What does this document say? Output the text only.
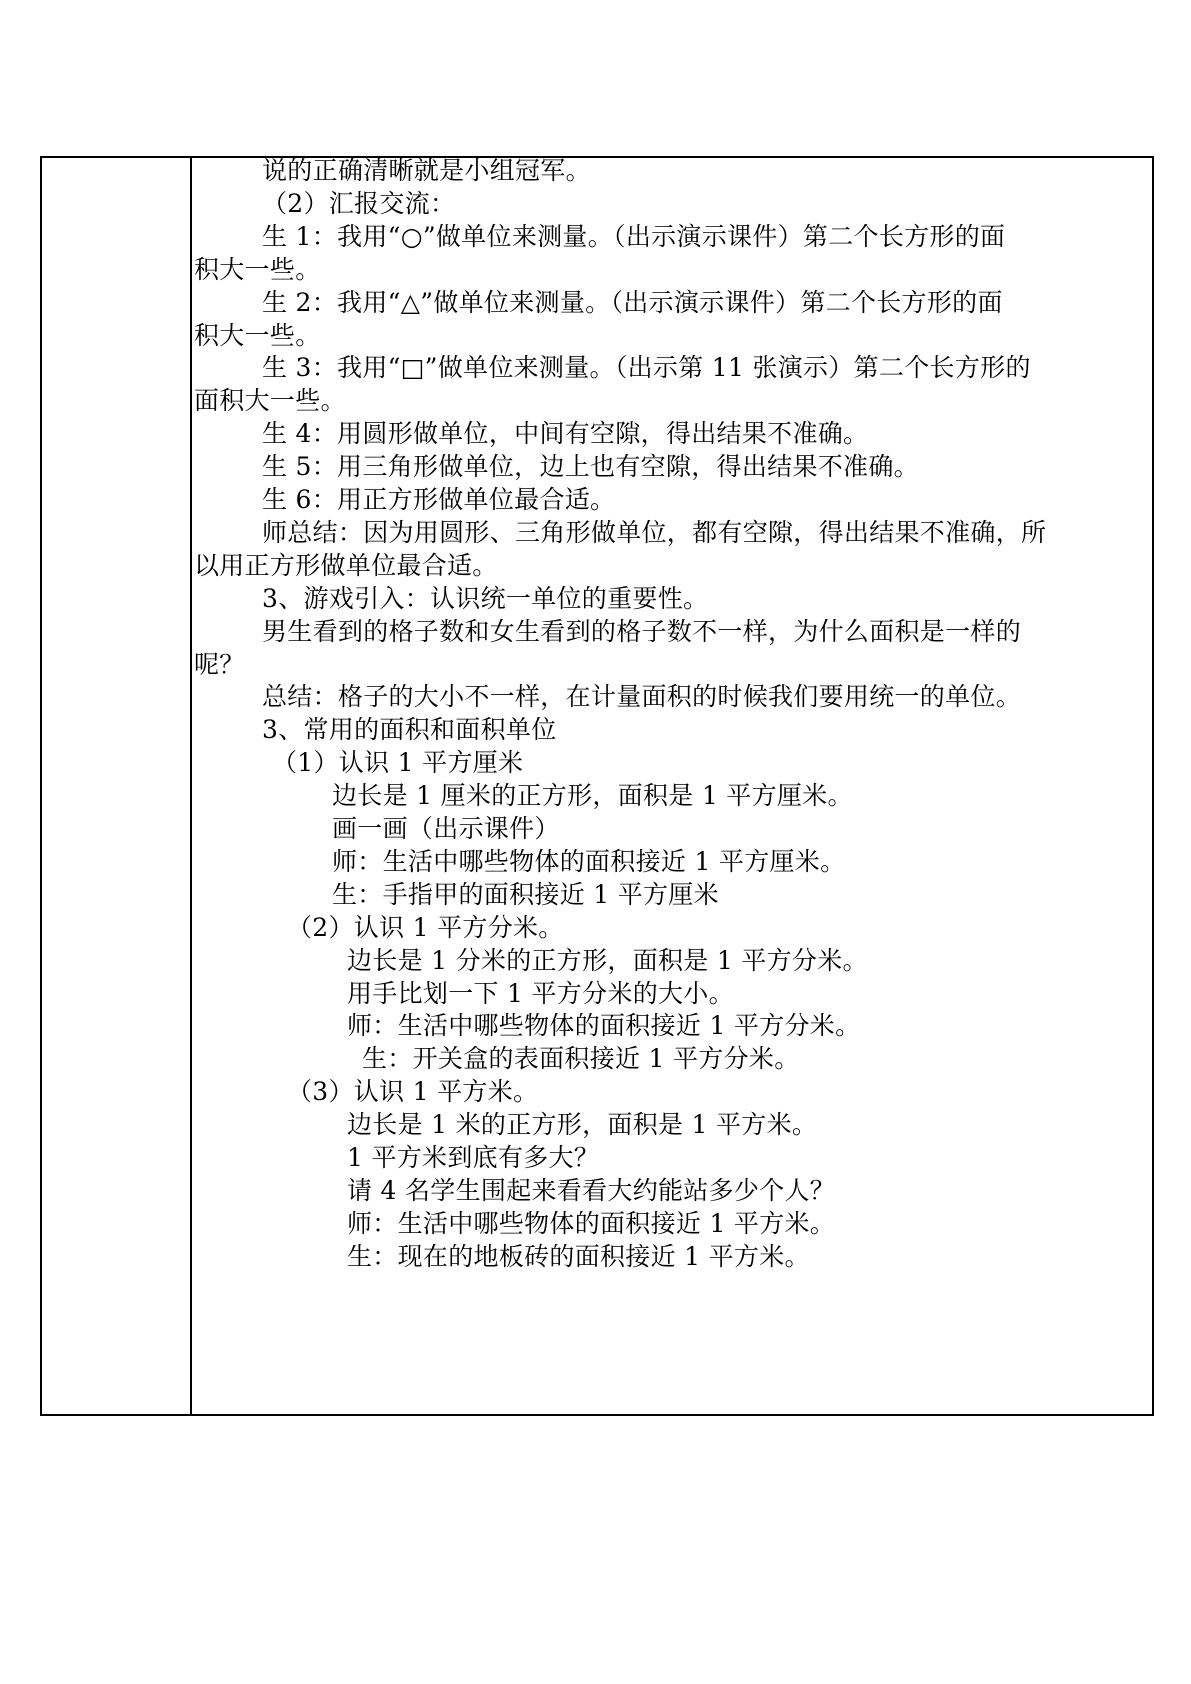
说的正确清晰就是小组冠军。
（2）汇报交流：
生 1：我用“○”做单位来测量。（出示演示课件）第二个长方形的面
积大一些。
生 2：我用“△”做单位来测量。（出示演示课件）第二个长方形的面
积大一些。
生 3：我用“□”做单位来测量。（出示第 11 张演示）第二个长方形的
面积大一些。
生 4：用圆形做单位，中间有空隙，得出结果不准确。
生 5：用三角形做单位，边上也有空隙，得出结果不准确。
生 6：用正方形做单位最合适。
师总结：因为用圆形、三角形做单位，都有空隙，得出结果不准确，所
以用正方形做单位最合适。
3、游戏引入：认识统一单位的重要性。
男生看到的格子数和女生看到的格子数不一样，为什么面积是一样的
呢？
总结：格子的大小不一样，在计量面积的时候我们要用统一的单位。
3、常用的面积和面积单位
（1）认识 1 平方厘米
边长是 1 厘米的正方形，面积是 1 平方厘米。
画一画（出示课件）
师：生活中哪些物体的面积接近 1 平方厘米。
生：手指甲的面积接近 1 平方厘米
（2）认识 1 平方分米。
边长是 1 分米的正方形，面积是 1 平方分米。
用手比划一下 1 平方分米的大小。
师：生活中哪些物体的面积接近 1 平方分米。
生：开关盒的表面积接近 1 平方分米。
（3）认识 1 平方米。
边长是 1 米的正方形，面积是 1 平方米。
1 平方米到底有多大？
请 4 名学生围起来看看大约能站多少个人？
师：生活中哪些物体的面积接近 1 平方米。
生：现在的地板砖的面积接近 1 平方米。
